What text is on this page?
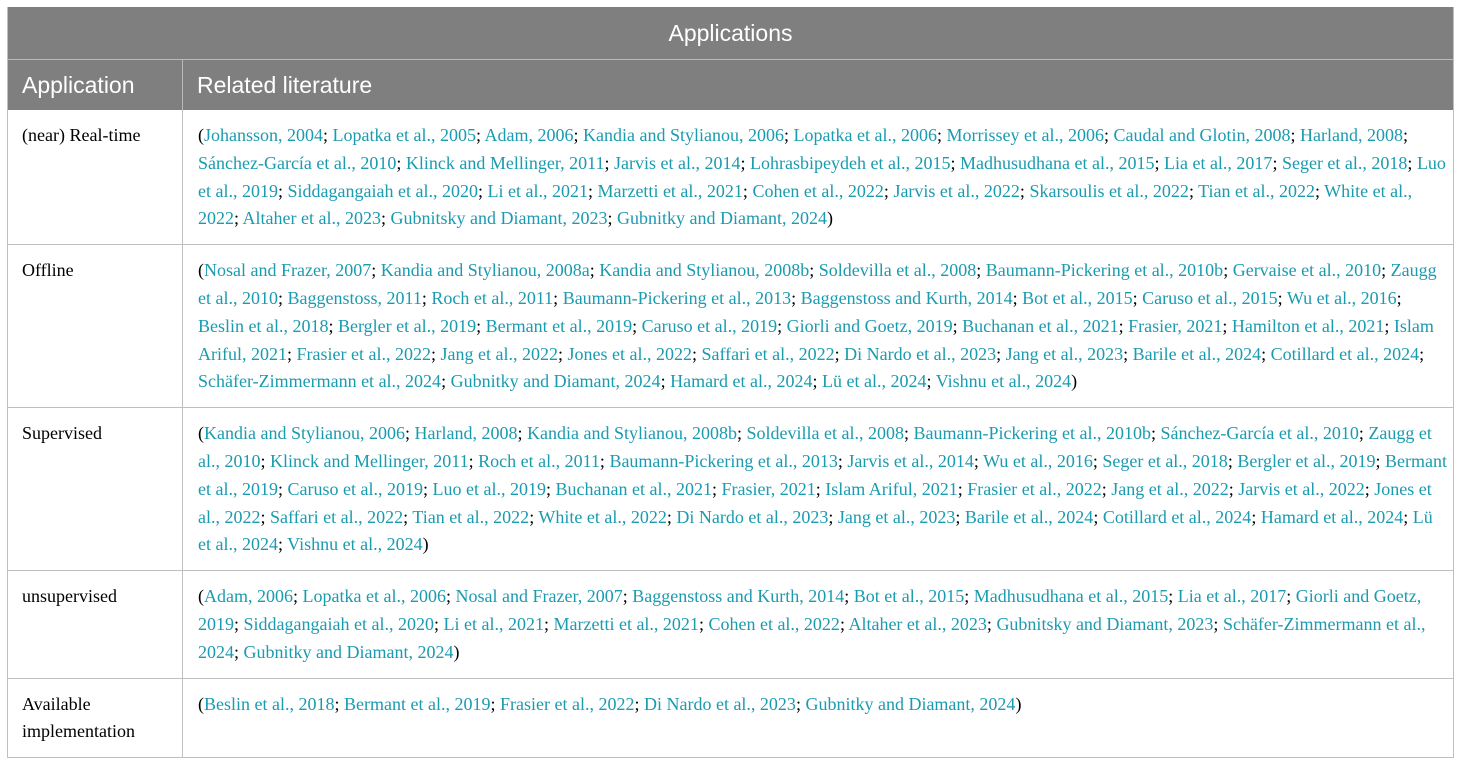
Applications	
Application	Related literature
(near) Real-time	(Johansson, 2004; Lopatka et al., 2005; Adam, 2006; Kandia and Stylianou, 2006; Lopatka et al., 2006; Morrissey et al., 2006; Caudal and Glotin, 2008; Harland, 2008; Sánchez-García et al., 2010; Klinck and Mellinger, 2011; Jarvis et al., 2014; Lohrasbipeydeh et al., 2015; Madhusudhana et al., 2015; Lia et al., 2017; Seger et al., 2018; Luo et al., 2019; Siddagangaiah et al., 2020; Li et al., 2021; Marzetti et al., 2021; Cohen et al., 2022; Jarvis et al., 2022; Skarsoulis et al., 2022; Tian et al., 2022; White et al., 2022; Altaher et al., 2023; Gubnitsky and Diamant, 2023; Gubnitky and Diamant, 2024)
Offline	(Nosal and Frazer, 2007; Kandia and Stylianou, 2008a; Kandia and Stylianou, 2008b; Soldevilla et al., 2008; Baumann-Pickering et al., 2010b; Gervaise et al., 2010; Zaugg et al., 2010; Baggenstoss, 2011; Roch et al., 2011; Baumann-Pickering et al., 2013; Baggenstoss and Kurth, 2014; Bot et al., 2015; Caruso et al., 2015; Wu et al., 2016; Beslin et al., 2018; Bergler et al., 2019; Bermant et al., 2019; Caruso et al., 2019; Giorli and Goetz, 2019; Buchanan et al., 2021; Frasier, 2021; Hamilton et al., 2021; Islam Ariful, 2021; Frasier et al., 2022; Jang et al., 2022; Jones et al., 2022; Saffari et al., 2022; Di Nardo et al., 2023; Jang et al., 2023; Barile et al., 2024; Cotillard et al., 2024; Schäfer-Zimmermann et al., 2024; Gubnitky and Diamant, 2024; Hamard et al., 2024; Lü et al., 2024; Vishnu et al., 2024)
Supervised	(Kandia and Stylianou, 2006; Harland, 2008; Kandia and Stylianou, 2008b; Soldevilla et al., 2008; Baumann-Pickering et al., 2010b; Sánchez-García et al., 2010; Zaugg et al., 2010; Klinck and Mellinger, 2011; Roch et al., 2011; Baumann-Pickering et al., 2013; Jarvis et al., 2014; Wu et al., 2016; Seger et al., 2018; Bergler et al., 2019; Bermant et al., 2019; Caruso et al., 2019; Luo et al., 2019; Buchanan et al., 2021; Frasier, 2021; Islam Ariful, 2021; Frasier et al., 2022; Jang et al., 2022; Jarvis et al., 2022; Jones et al., 2022; Saffari et al., 2022; Tian et al., 2022; White et al., 2022; Di Nardo et al., 2023; Jang et al., 2023; Barile et al., 2024; Cotillard et al., 2024; Hamard et al., 2024; Lü et al., 2024; Vishnu et al., 2024)
unsupervised	(Adam, 2006; Lopatka et al., 2006; Nosal and Frazer, 2007; Baggenstoss and Kurth, 2014; Bot et al., 2015; Madhusudhana et al., 2015; Lia et al., 2017; Giorli and Goetz, 2019; Siddagangaiah et al., 2020; Li et al., 2021; Marzetti et al., 2021; Cohen et al., 2022; Altaher et al., 2023; Gubnitsky and Diamant, 2023; Schäfer-Zimmermann et al., 2024; Gubnitky and Diamant, 2024)
Available implementation	(Beslin et al., 2018; Bermant et al., 2019; Frasier et al., 2022; Di Nardo et al., 2023; Gubnitky and Diamant, 2024)
